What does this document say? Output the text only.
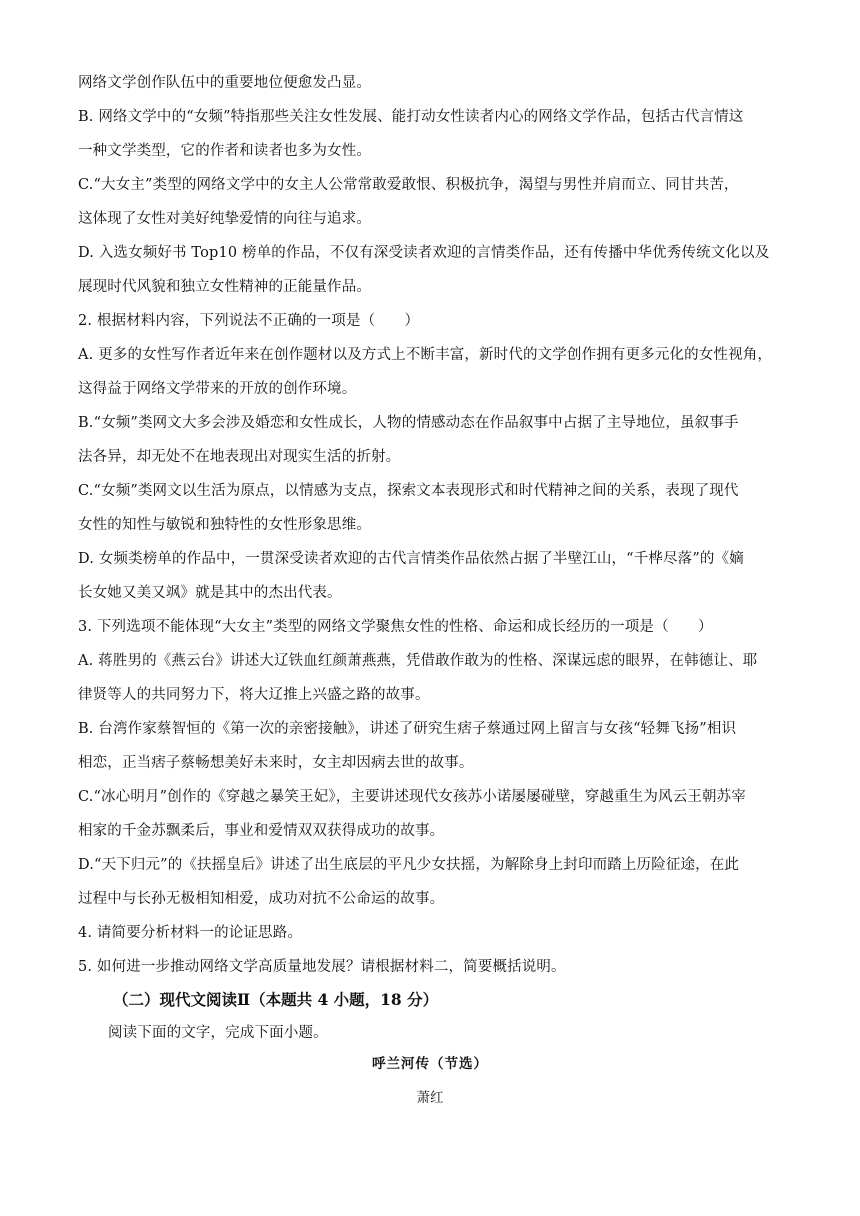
网络文学创作队伍中的重要地位便愈发凸显。
B. 网络文学中的“女频”特指那些关注女性发展、能打动女性读者内心的网络文学作品，包括古代言情这
一种文学类型，它的作者和读者也多为女性。
C.“大女主”类型的网络文学中的女主人公常常敢爱敢恨、积极抗争，渴望与男性并肩而立、同甘共苦，
这体现了女性对美好纯挚爱情的向往与追求。
D. 入选女频好书 Top10 榜单的作品，不仅有深受读者欢迎的言情类作品，还有传播中华优秀传统文化以及
展现时代风貌和独立女性精神的正能量作品。
2. 根据材料内容，下列说法不正确的一项是（　　）
A. 更多的女性写作者近年来在创作题材以及方式上不断丰富，新时代的文学创作拥有更多元化的女性视角，
这得益于网络文学带来的开放的创作环境。
B.“女频”类网文大多会涉及婚恋和女性成长，人物的情感动态在作品叙事中占据了主导地位，虽叙事手
法各异，却无处不在地表现出对现实生活的折射。
C.“女频”类网文以生活为原点，以情感为支点，探索文本表现形式和时代精神之间的关系，表现了现代
女性的知性与敏锐和独特性的女性形象思维。
D. 女频类榜单的作品中，一贯深受读者欢迎的古代言情类作品依然占据了半壁江山，“千桦尽落”的《嫡
长女她又美又飒》就是其中的杰出代表。
3. 下列选项不能体现“大女主”类型的网络文学聚焦女性的性格、命运和成长经历的一项是（　　）
A. 蒋胜男的《燕云台》讲述大辽铁血红颜萧燕燕，凭借敢作敢为的性格、深谋远虑的眼界，在韩德让、耶
律贤等人的共同努力下，将大辽推上兴盛之路的故事。
B. 台湾作家蔡智恒的《第一次的亲密接触》，讲述了研究生痞子蔡通过网上留言与女孩“轻舞飞扬”相识
相恋，正当痞子蔡畅想美好未来时，女主却因病去世的故事。
C.“冰心明月”创作的《穿越之暴笑王妃》，主要讲述现代女孩苏小诺屡屡碰壁，穿越重生为风云王朝苏宰
相家的千金苏飘柔后，事业和爱情双双获得成功的故事。
D.“天下归元”的《扶摇皇后》讲述了出生底层的平凡少女扶摇，为解除身上封印而踏上历险征途，在此
过程中与长孙无极相知相爱，成功对抗不公命运的故事。
4. 请简要分析材料一的论证思路。
5. 如何进一步推动网络文学高质量地发展？请根据材料二，简要概括说明。
（二）现代文阅读Ⅱ（本题共 4 小题，18 分）
阅读下面的文字，完成下面小题。
呼兰河传（节选）
萧红
